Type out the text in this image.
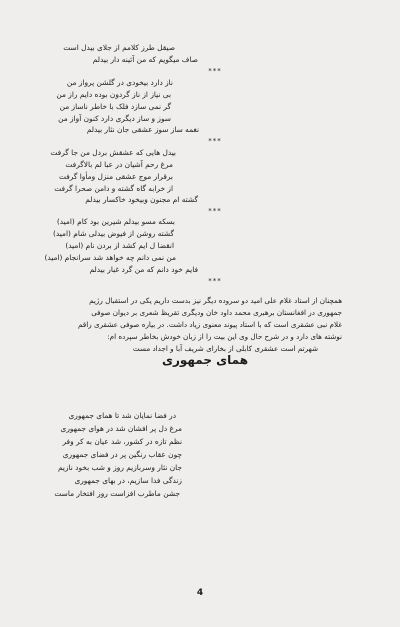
صیقل طرز کلامم از جلای بیدل است
صاف میگویم که من آئینه دار بیدلم
***
ناز دارد بیخودی در گلشن پرواز من
بی نیاز از ناز گردون بوده دایم راز من
گر نمی سازد فلک با خاطر ناساز من
سوز و ساز دیگری دارد کنون آواز من
نغمه ساز سوز عشقی جان نثار بیدلم
***
بیدل هایی که عشقش بردل من جا گرفت
مرغ رحم آشیان در عبا لم بالاگرفت
برقرار موج عشقی منزل ومأوا گرفت
از خرابه گاه گشته و دامن صحرا گرفت
گشته ام مجنون وبیخود خاکسار بیدلم
***
بسکه مسو بیدلم شیرین بود کام (امید)
گشته روشن از فیوض بیدلی شام (امید)
انقضا ل ایم کشد از بردن نام (امید)
من نمی دانم چه خواهد شد سرانجام (امید)
فایم خود دانم که من گرد غبار بیدلم
***
همچنان از استاد غلام علی امید دو سروده دیگر نیز بدست داریم یکی در استقبال رژیم
جمهوری در افغانستان برهبری محمد داود خان ودیگری تقریظ شعری بر دیوان صوفی
غلام نبی عشقری است که با استاد پیوند معنوی زیاد داشت. در بیاره صوفی عشقری راقم
نوشته های دارد و در شرح حال وی این بیت را از زبان خودش بخاطر سپرده ام:
شهرتم است عشقری کابلی از بخارای شریف آبا و اجداد مست
همای جمهوری
در فضا نمایان شد تا همای جمهوری
مرغ دل پر افشان شد در هوای جمهوری
نظم تازه در کشور، شد عیان به کر وفر
چون عقاب رنگین پر در فضای جمهوری
جان نثار وسربازیم روز و شب بخود نازیم
زندگی فدا سازیم، در بهای جمهوری
جشن ماطرب افزاست روز افتخار ماست
4
